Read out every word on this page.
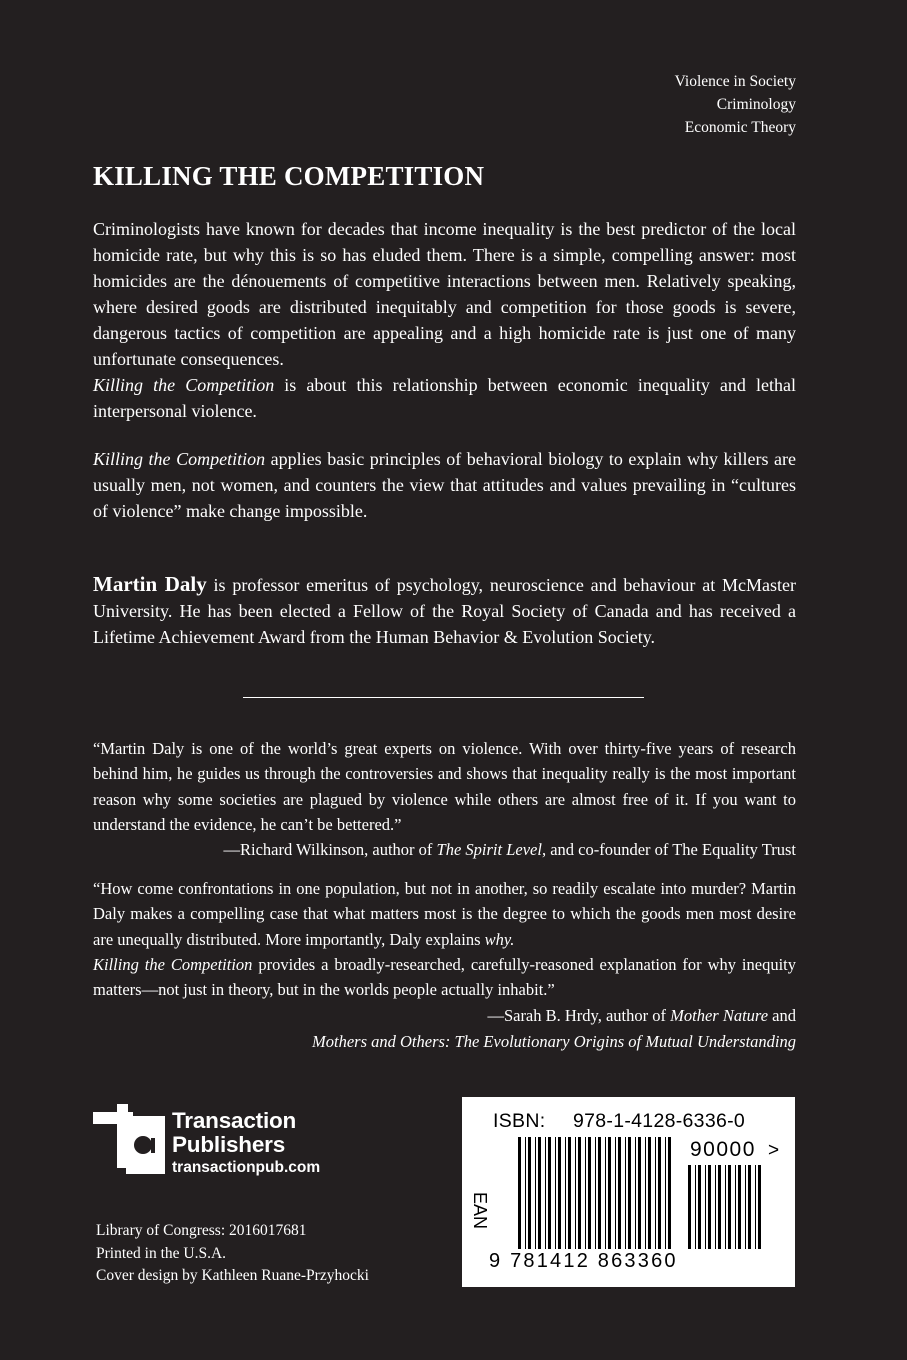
Violence in Society
Criminology
Economic Theory
KILLING THE COMPETITION

Criminologists have known for decades that income inequality is the best predictor of the local homicide rate, but why this is so has eluded them. There is a simple, compelling answer: most homicides are the dénouements of competitive interactions between men. Relatively speaking, where desired goods are distributed inequitably and competition for those goods is severe, dangerous tactics of competition are appealing and a high homicide rate is just one of many unfortunate consequences.
Killing the Competition is about this relationship between economic inequality and lethal interpersonal violence.

Killing the Competition applies basic principles of behavioral biology to explain why killers are usually men, not women, and counters the view that attitudes and values prevailing in “cultures of violence” make change impossible.

Martin Daly is professor emeritus of psychology, neuroscience and behaviour at McMaster University. He has been elected a Fellow of the Royal Society of Canada and has received a Lifetime Achievement Award from the Human Behavior & Evolution Society.

“Martin Daly is one of the world’s great experts on violence. With over thirty-five years of research behind him, he guides us through the controversies and shows that inequality really is the most important reason why some societies are plagued by violence while others are almost free of it. If you want to understand the evidence, he can’t be bettered.”

—Richard Wilkinson, author of The Spirit Level, and co-founder of The Equality Trust

“How come confrontations in one population, but not in another, so readily escalate into murder? Martin Daly makes a compelling case that what matters most is the degree to which the goods men most desire are unequally distributed. More importantly, Daly explains why.
Killing the Competition provides a broadly-researched, carefully-reasoned explanation for why inequity matters—not just in theory, but in the worlds people actually inhabit.”

—Sarah B. Hrdy, author of Mother Nature and
Mothers and Others: The Evolutionary Origins of Mutual Understanding
Transaction
Publishers
transactionpub.com
Library of Congress: 2016017681
Printed in the U.S.A.
Cover design by Kathleen Ruane-Przyhocki
ISBN: 978-1-4128-6336-0
90000 >
EAN
9 781412 863360
